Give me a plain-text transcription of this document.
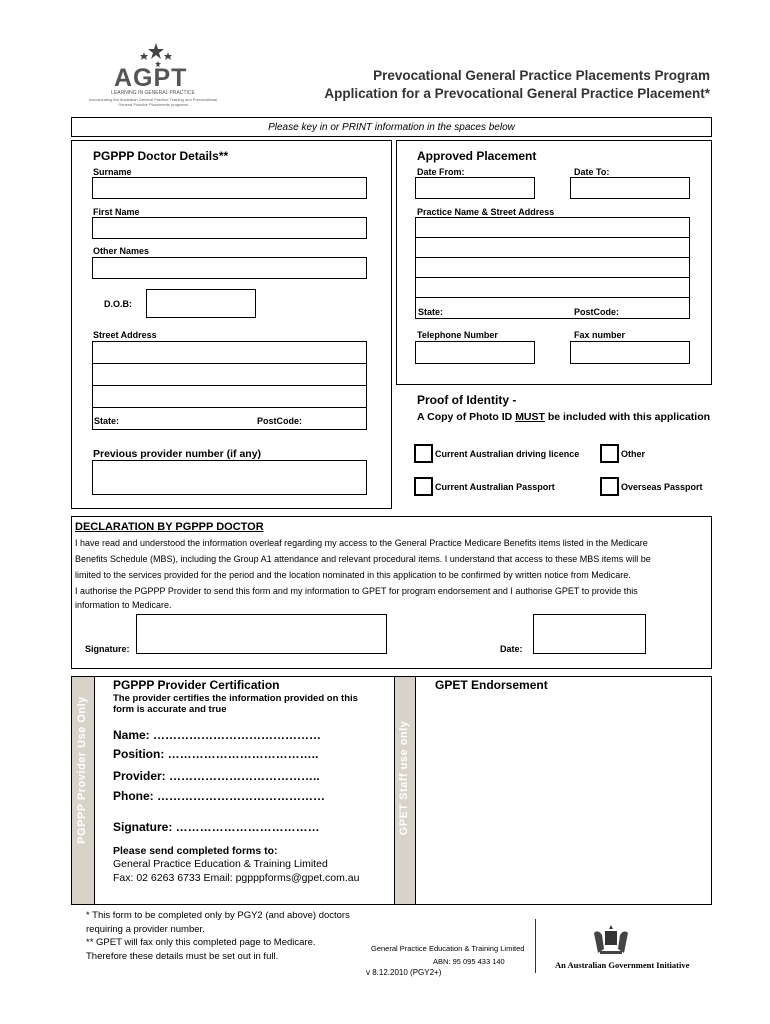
AGPT
LEARNING IN GENERAL PRACTICE
Incorporating the Australian General Practice Training and Prevocational General Practice Placements programs
Prevocational General Practice Placements Program
Application for a Prevocational General Practice Placement*
Please key in or PRINT information in the spaces below
PGPPP Doctor Details**
Surname
First Name
Other Names
D.O.B:
Street Address
State:	PostCode:
Previous provider number (if any)
Approved Placement
Date From:	Date To:
Practice Name & Street Address
State:	PostCode:
Telephone Number	Fax number
Proof of Identity -
A Copy of Photo ID MUST be included with this application
Current Australian driving licence	Other
Current Australian Passport	Overseas Passport
DECLARATION BY PGPPP DOCTOR
I have read and understood the information overleaf regarding my access to the General Practice Medicare Benefits items listed in the Medicare
Benefits Schedule (MBS), including the Group A1 attendance and relevant procedural items. I understand that access to these MBS items will be
limited to the services provided for the period and the location nominated in this application to be confirmed by written notice from Medicare.
I authorise the PGPPP Provider to send this form and my information to GPET for program endorsement and I authorise GPET to provide this
information to Medicare.
Signature:	Date:
PGPPP Provider Use Only
PGPPP Provider Certification
The provider certifies the information provided on this
form is accurate and true
Name: ……………………………………
Position: ………………………………..
Provider: ………………………………..
Phone: ……………………………………
Signature: ………………………………
Please send completed forms to:
General Practice Education & Training Limited
Fax: 02 6263 6733 Email: pgpppforms@gpet.com.au
GPET Staff use only
GPET Endorsement
* This form to be completed only by PGY2 (and above) doctors
requiring a provider number.
** GPET will fax only this completed page to Medicare.
Therefore these details must be set out in full.
General Practice Education & Training Limited
ABN: 95 095 433 140
v 8.12.2010 (PGY2+)
An Australian Government Initiative
